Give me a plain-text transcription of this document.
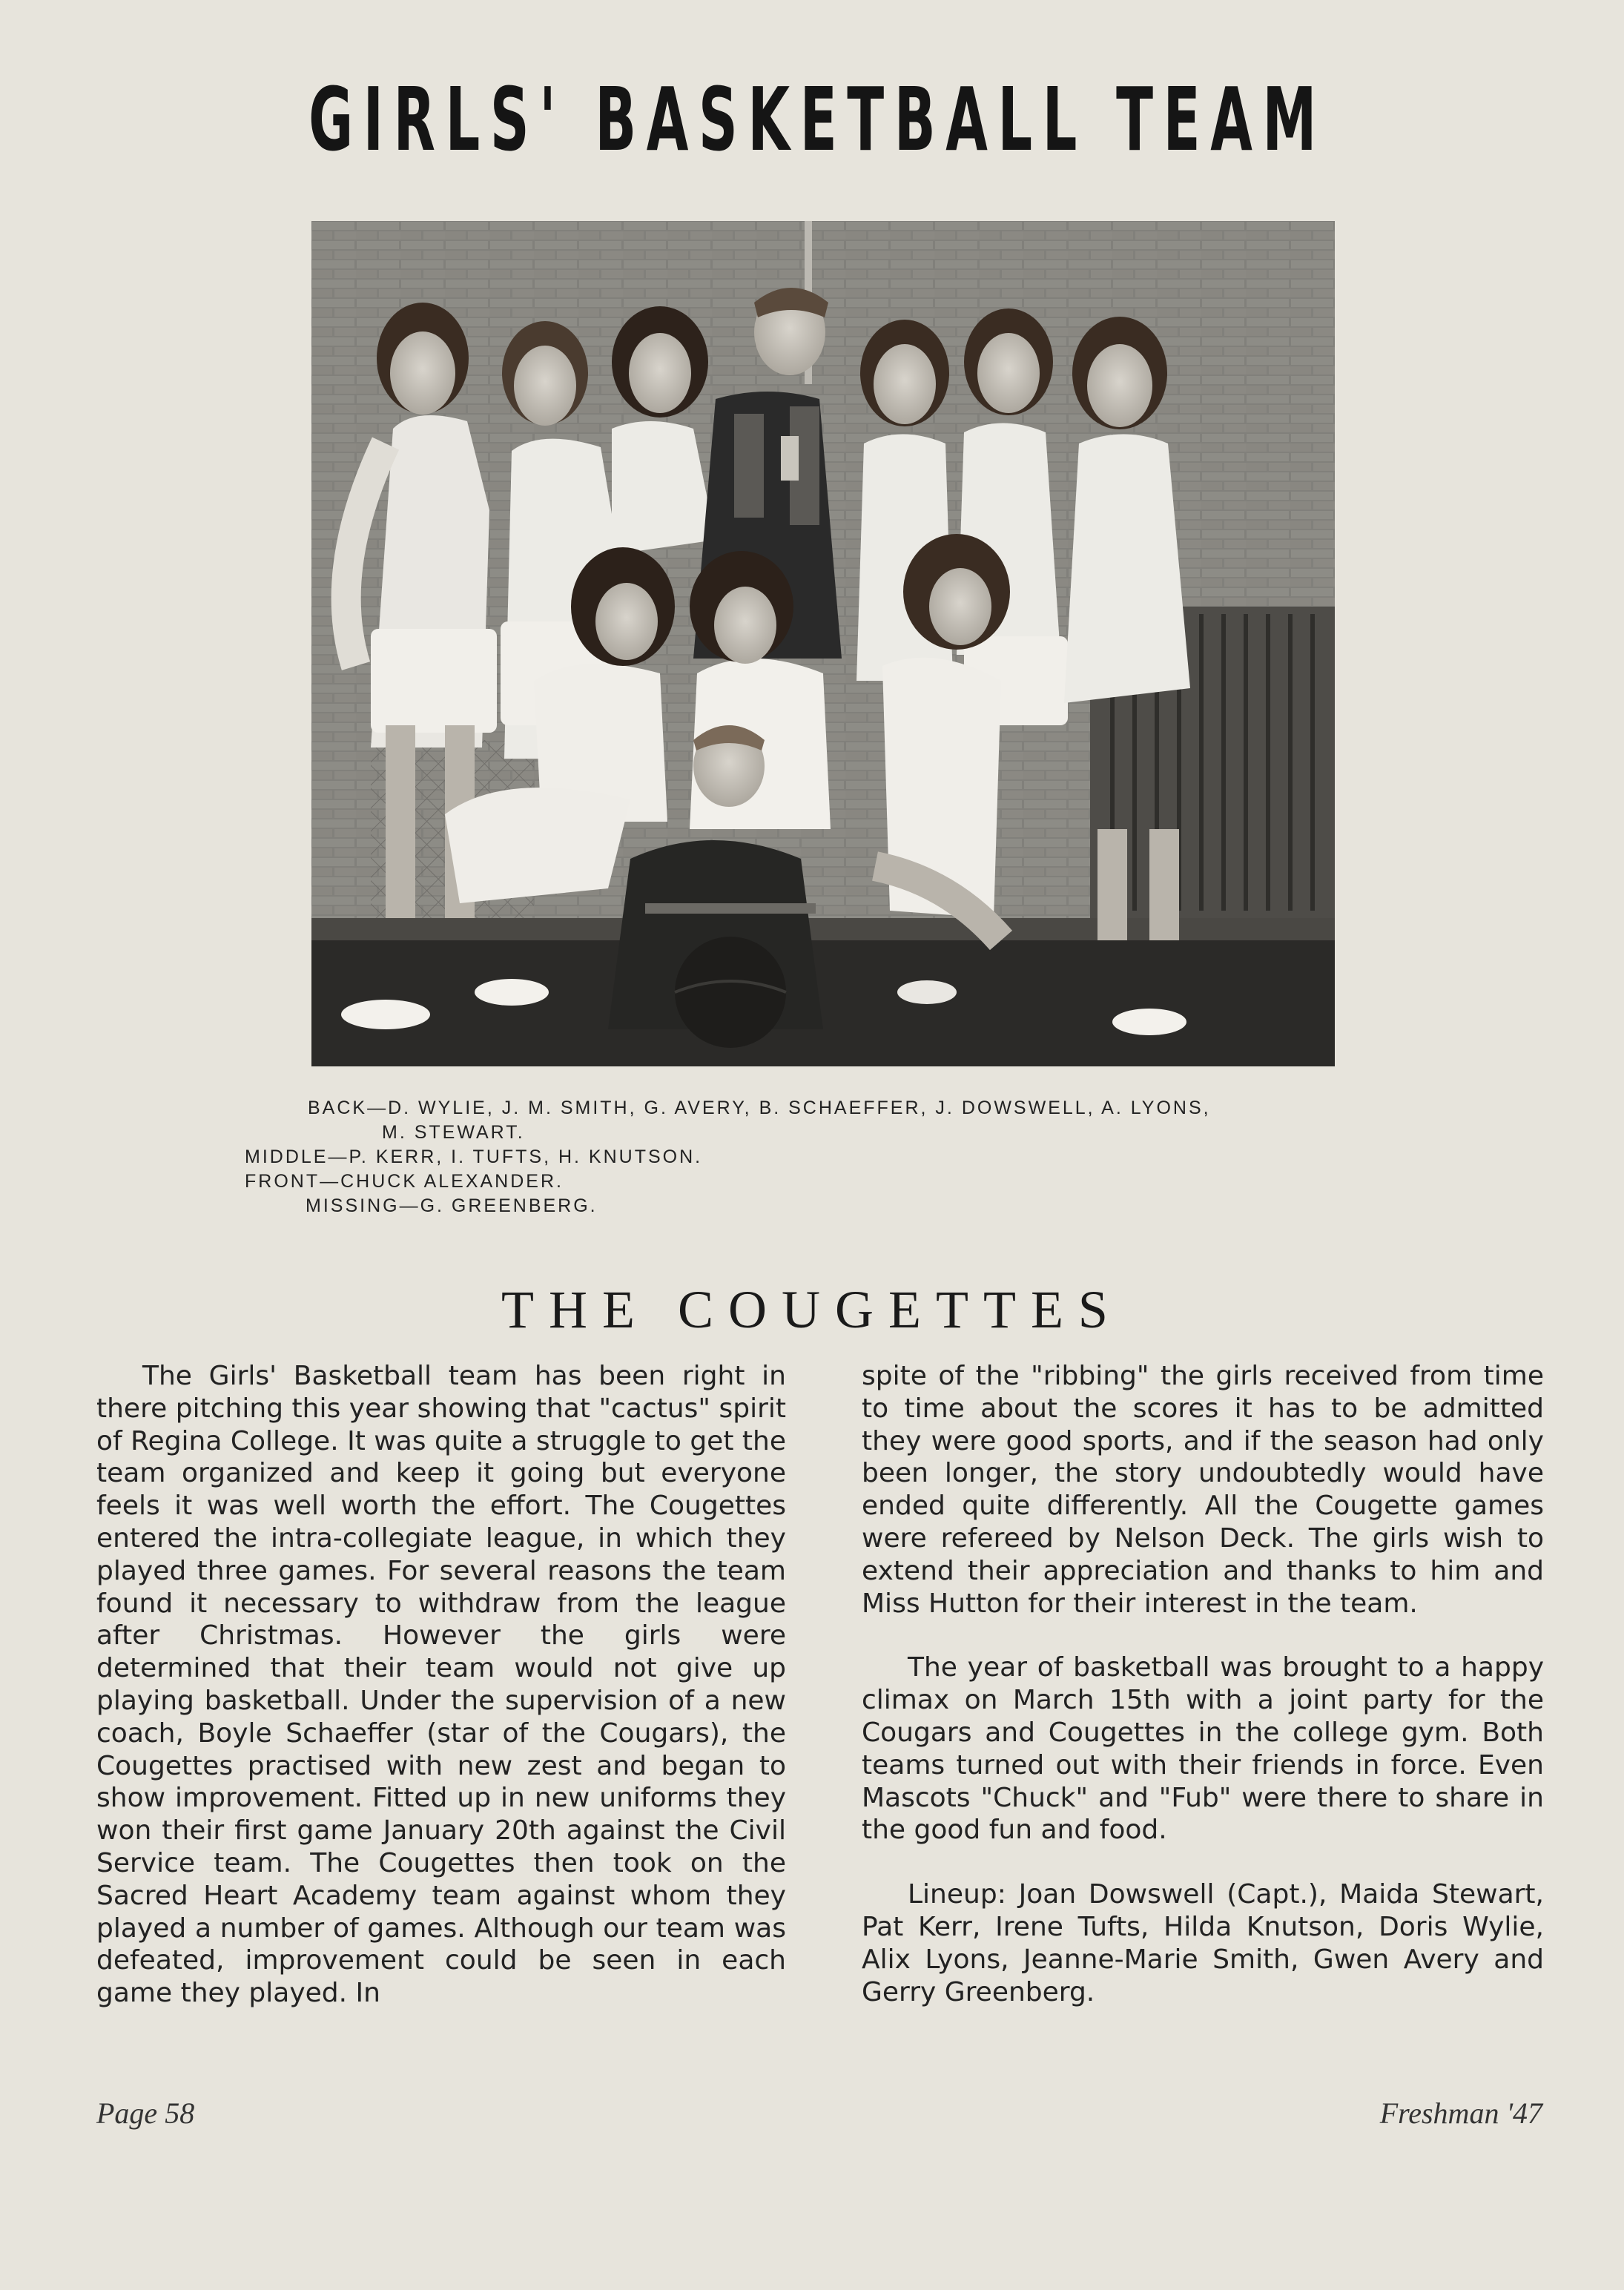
GIRLS' BASKETBALL TEAM
BACK—D. WYLIE, J. M. SMITH, G. AVERY, B. SCHAEFFER, J. DOWSWELL, A. LYONS,
M. STEWART.
MIDDLE—P. KERR, I. TUFTS, H. KNUTSON.
FRONT—CHUCK ALEXANDER.
MISSING—G. GREENBERG.
THE COUGETTES

The Girls' Basketball team has been right in there pitching this year showing that "cactus" spirit of Regina College. It was quite a struggle to get the team organized and keep it going but everyone feels it was well worth the effort. The Cougettes entered the intra-collegiate league, in which they played three games. For several reasons the team found it necessary to withdraw from the league after Christmas. However the girls were determined that their team would not give up playing basketball. Under the supervision of a new coach, Boyle Schaeffer (star of the Cougars), the Cougettes practised with new zest and began to show improvement. Fitted up in new uniforms they won their first game January 20th against the Civil Service team. The Cougettes then took on the Sacred Heart Academy team against whom they played a number of games. Although our team was defeated, improvement could be seen in each game they played. In

spite of the "ribbing" the girls received from time to time about the scores it has to be admitted they were good sports, and if the season had only been longer, the story undoubtedly would have ended quite differently. All the Cougette games were refereed by Nelson Deck. The girls wish to extend their appreciation and thanks to him and Miss Hutton for their interest in the team.

The year of basketball was brought to a happy climax on March 15th with a joint party for the Cougars and Cougettes in the college gym. Both teams turned out with their friends in force. Even Mascots "Chuck" and "Fub" were there to share in the good fun and food.

Lineup: Joan Dowswell (Capt.), Maida Stewart, Pat Kerr, Irene Tufts, Hilda Knutson, Doris Wylie, Alix Lyons, Jeanne-Marie Smith, Gwen Avery and Gerry Greenberg.

Page 58	Freshman '47
